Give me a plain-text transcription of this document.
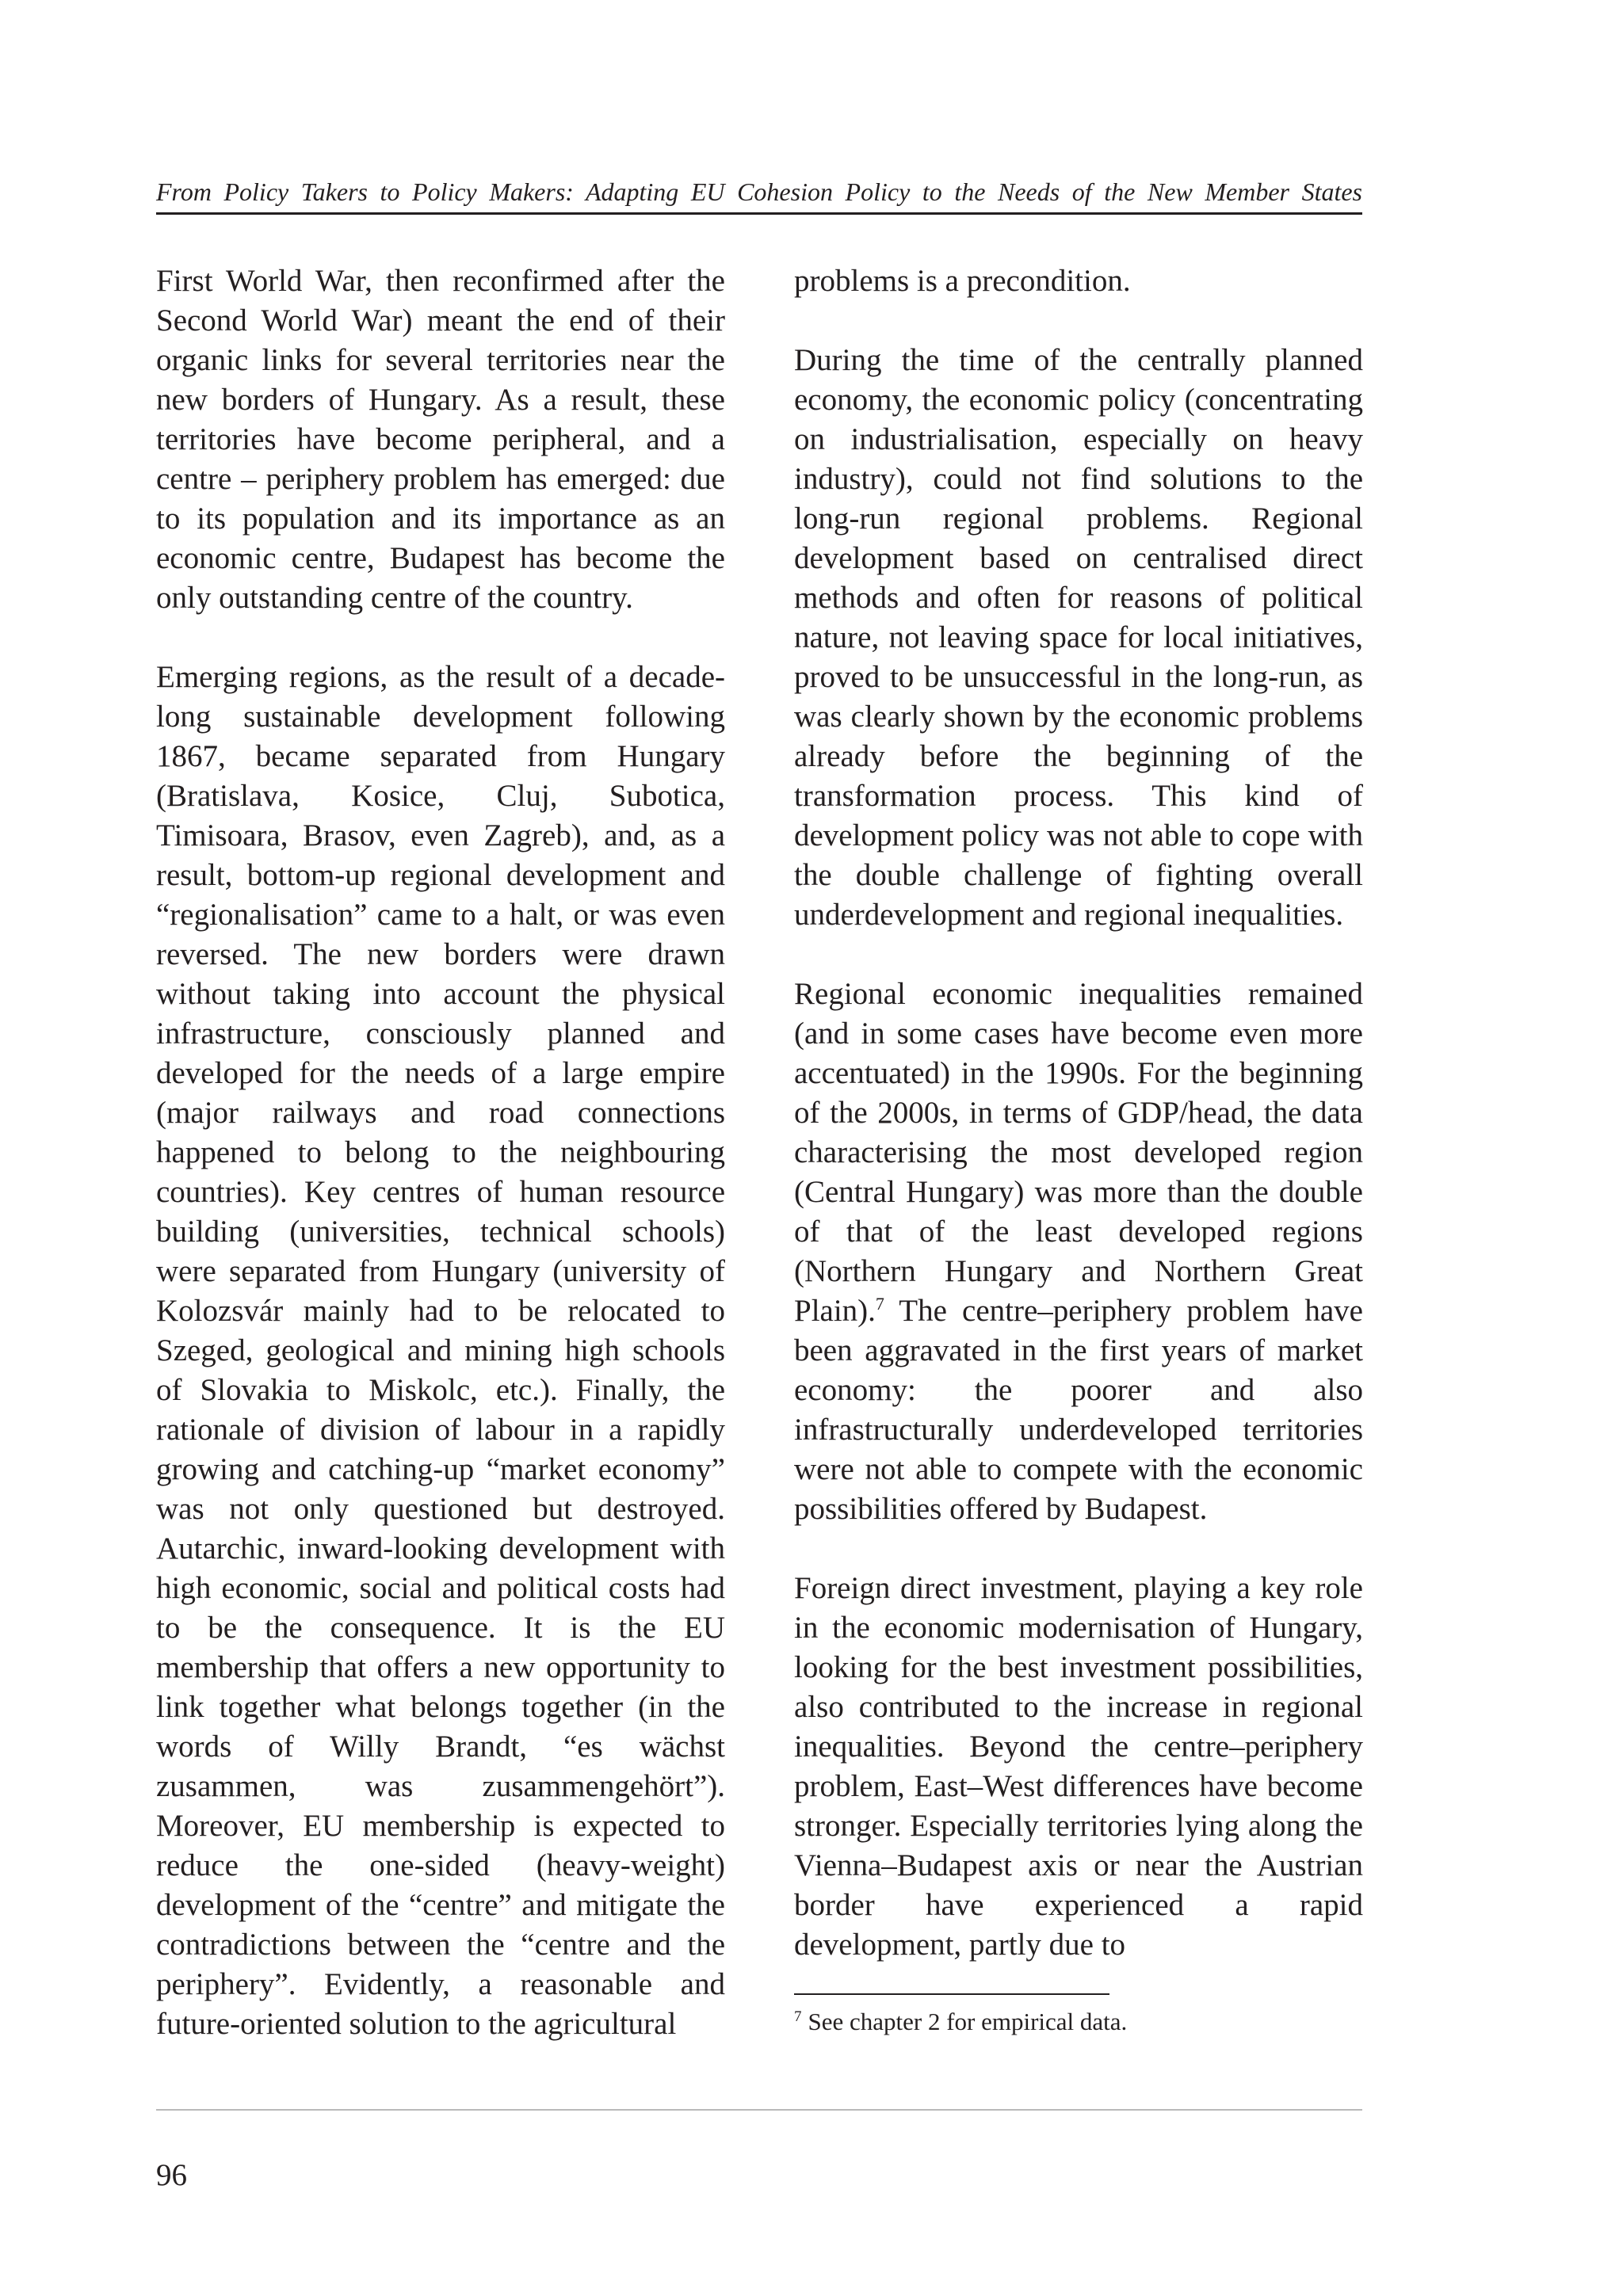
From Policy Takers to Policy Makers: Adapting EU Cohesion Policy to the Needs of the New Member States

First World War, then reconfirmed after the Second World War) meant the end of their organic links for several territories near the new borders of Hungary. As a result, these territories have become peripheral, and a centre – periphery problem has emerged: due to its population and its importance as an economic centre, Budapest has become the only outstanding centre of the country.

Emerging regions, as the result of a decade-long sustainable development following 1867, became separated from Hungary (Bratislava, Kosice, Cluj, Subotica, Timisoara, Brasov, even Zagreb), and, as a result, bottom-up regional development and “regionalisation” came to a halt, or was even reversed. The new borders were drawn without taking into account the physical infrastructure, consciously planned and developed for the needs of a large empire (major railways and road connections happened to belong to the neighbouring countries). Key centres of human resource building (universities, technical schools) were separated from Hungary (university of Kolozsvár mainly had to be relocated to Szeged, geological and mining high schools of Slovakia to Miskolc, etc.). Finally, the rationale of division of labour in a rapidly growing and catching-up “market economy” was not only questioned but destroyed. Autarchic, inward-looking development with high economic, social and political costs had to be the consequence. It is the EU membership that offers a new opportunity to link together what belongs together (in the words of Willy Brandt, “es wächst zusammen, was zusammengehört”). Moreover, EU membership is expected to reduce the one-sided (heavy-weight) development of the “centre” and mitigate the contradictions between the “centre and the periphery”. Evidently, a reasonable and future-oriented solution to the agricultural

problems is a precondition.

During the time of the centrally planned economy, the economic policy (concentrating on industrialisation, especially on heavy industry), could not find solutions to the long-run regional problems. Regional development based on centralised direct methods and often for reasons of political nature, not leaving space for local initiatives, proved to be unsuccessful in the long-run, as was clearly shown by the economic problems already before the beginning of the transformation process. This kind of development policy was not able to cope with the double challenge of fighting overall underdevelopment and regional inequalities.

Regional economic inequalities remained (and in some cases have become even more accentuated) in the 1990s. For the beginning of the 2000s, in terms of GDP/head, the data characterising the most developed region (Central Hungary) was more than the double of that of the least developed regions (Northern Hungary and Northern Great Plain).$^7$ The centre–periphery problem have been aggravated in the first years of market economy: the poorer and also infrastructurally underdeveloped territories were not able to compete with the economic possibilities offered by Budapest.

Foreign direct investment, playing a key role in the economic modernisation of Hungary, looking for the best investment possibilities, also contributed to the increase in regional inequalities. Beyond the centre–periphery problem, East–West differences have become stronger. Especially territories lying along the Vienna–Budapest axis or near the Austrian border have experienced a rapid development, partly due to

$^7$ See chapter 2 for empirical data.
96
